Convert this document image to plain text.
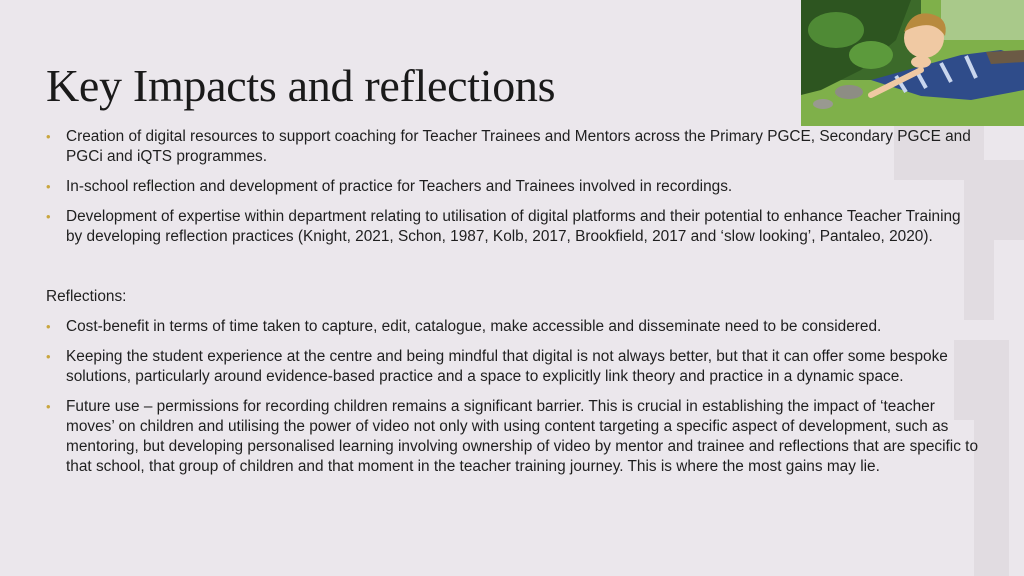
Key Impacts and reflections
• Creation of digital resources to support coaching for Teacher Trainees and Mentors across the Primary PGCE, Secondary PGCE and PGCi and iQTS programmes.
• In-school reflection and development of practice for Teachers and Trainees involved in recordings.
• Development of expertise within department relating to utilisation of digital platforms and their potential to enhance Teacher Training by developing reflection practices (Knight, 2021, Schon, 1987, Kolb, 2017, Brookfield, 2017 and ‘slow looking’, Pantaleo, 2020).
Reflections:
• Cost-benefit in terms of time taken to capture, edit, catalogue, make accessible and disseminate need to be considered.
• Keeping the student experience at the centre and being mindful that digital is not always better, but that it can offer some bespoke solutions, particularly around evidence-based practice and a space to explicitly link theory and practice in a dynamic space.
• Future use – permissions for recording children remains a significant barrier. This is crucial in establishing the impact of ‘teacher moves’ on children and utilising the power of video not only with using content targeting a specific aspect of development, such as mentoring, but developing personalised learning involving ownership of video by mentor and trainee and reflections that are specific to that school, that group of children and that moment in the teacher training journey. This is where the most gains may lie.
